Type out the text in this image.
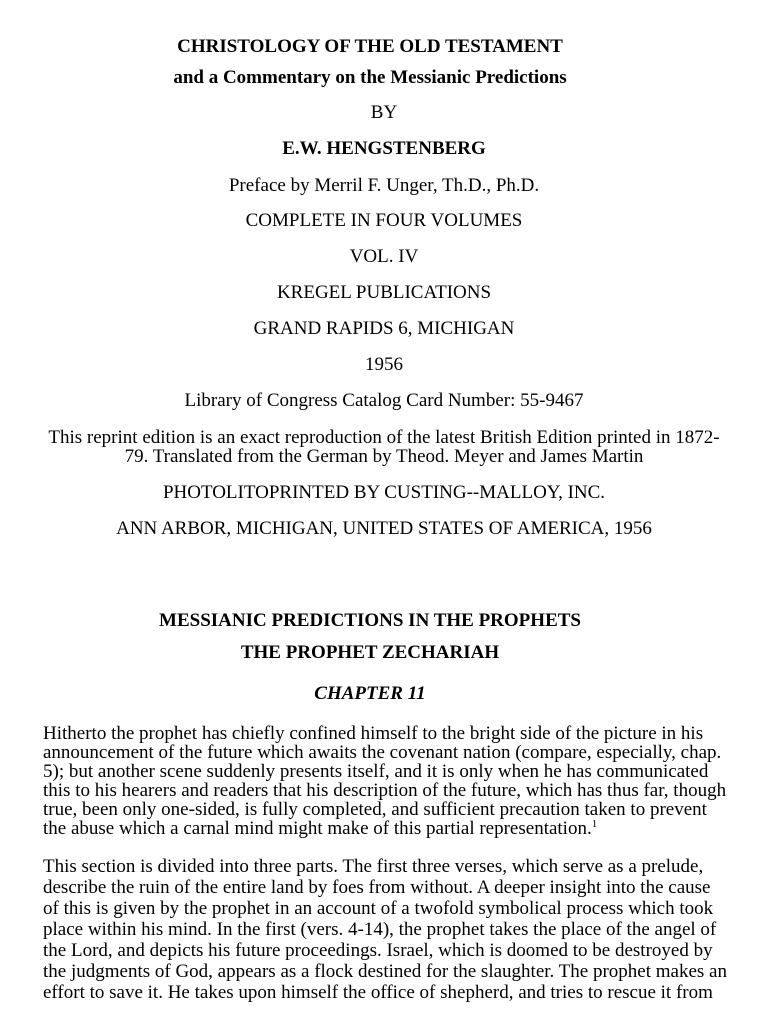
CHRISTOLOGY OF THE OLD TESTAMENT
and a Commentary on the Messianic Predictions
BY
E.W. HENGSTENBERG
Preface by Merril F. Unger, Th.D., Ph.D.
COMPLETE IN FOUR VOLUMES
VOL. IV
KREGEL PUBLICATIONS
GRAND RAPIDS 6, MICHIGAN
1956
Library of Congress Catalog Card Number: 55-9467
This reprint edition is an exact reproduction of the latest British Edition printed in 1872-
79. Translated from the German by Theod. Meyer and James Martin
PHOTOLITOPRINTED BY CUSTING--MALLOY, INC.
ANN ARBOR, MICHIGAN, UNITED STATES OF AMERICA, 1956
MESSIANIC PREDICTIONS IN THE PROPHETS
THE PROPHET ZECHARIAH
CHAPTER 11
Hitherto the prophet has chiefly confined himself to the bright side of the picture in his
announcement of the future which awaits the covenant nation (compare, especially, chap.
5); but another scene suddenly presents itself, and it is only when he has communicated
this to his hearers and readers that his description of the future, which has thus far, though
true, been only one-sided, is fully completed, and sufficient precaution taken to prevent
the abuse which a carnal mind might make of this partial representation.$^1$
This section is divided into three parts. The first three verses, which serve as a prelude,
describe the ruin of the entire land by foes from without. A deeper insight into the cause
of this is given by the prophet in an account of a twofold symbolical process which took
place within his mind. In the first (vers. 4-14), the prophet takes the place of the angel of
the Lord, and depicts his future proceedings. Israel, which is doomed to be destroyed by
the judgments of God, appears as a flock destined for the slaughter. The prophet makes an
effort to save it. He takes upon himself the office of shepherd, and tries to rescue it from
